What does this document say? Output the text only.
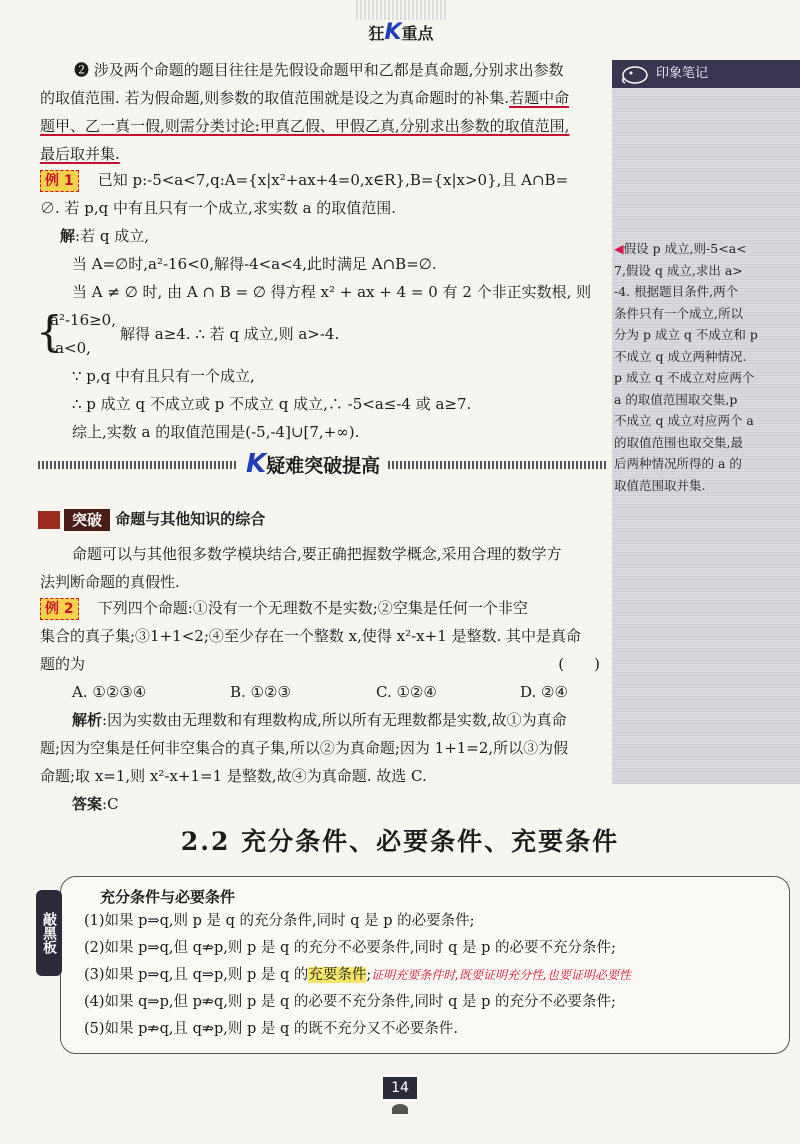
狂K重点
印象笔记
◀假设 p 成立,则-5<a<
7,假设 q 成立,求出 a>
-4. 根据题目条件,两个
条件只有一个成立,所以
分为 p 成立 q 不成立和 p
不成立 q 成立两种情况.
p 成立 q 不成立对应两个
a 的取值范围取交集,p
不成立 q 成立对应两个 a
的取值范围也取交集,最
后两种情况所得的 a 的
取值范围取并集.
❷ 涉及两个命题的题目往往是先假设命题甲和乙都是真命题,分别求出参数
的取值范围. 若为假命题,则参数的取值范围就是设之为真命题时的补集.若题中命
题甲、乙一真一假,则需分类讨论:甲真乙假、甲假乙真,分别求出参数的取值范围,
最后取并集.
例 1 已知 p:-5<a<7,q:A={x|x²+ax+4=0,x∈R},B={x|x>0},且 A∩B=
∅. 若 p,q 中有且只有一个成立,求实数 a 的取值范围.
解:若 q 成立,
当 A=∅时,a²-16<0,解得-4<a<4,此时满足 A∩B=∅.
当 A ≠ ∅ 时, 由 A ∩ B = ∅ 得方程 x² + ax + 4 = 0 有 2 个非正实数根, 则
{
a²-16≥0,
-a<0,
解得 a≥4. ∴ 若 q 成立,则 a>-4.
∵ p,q 中有且只有一个成立,
∴ p 成立 q 不成立或 p 不成立 q 成立,∴ -5<a≤-4 或 a≥7.
综上,实数 a 的取值范围是(-5,-4]∪[7,+∞).
K疑难突破提高
突破 命题与其他知识的综合
命题可以与其他很多数学模块结合,要正确把握数学概念,采用合理的数学方
法判断命题的真假性.
例 2 下列四个命题:①没有一个无理数不是实数;②空集是任何一个非空
集合的真子集;③1+1<2;④至少存在一个整数 x,使得 x²-x+1 是整数. 其中是真命
题的为	(　　)
A. ①②③④	B. ①②③	C. ①②④	D. ②④
解析:因为实数由无理数和有理数构成,所以所有无理数都是实数,故①为真命
题;因为空集是任何非空集合的真子集,所以②为真命题;因为 1+1=2,所以③为假
命题;取 x=1,则 x²-x+1=1 是整数,故④为真命题. 故选 C.
答案:C
2.2 充分条件、必要条件、充要条件
敲黑板
充分条件与必要条件
(1)如果 p⇒q,则 p 是 q 的充分条件,同时 q 是 p 的必要条件;
(2)如果 p⇒q,但 q⇏p,则 p 是 q 的充分不必要条件,同时 q 是 p 的必要不充分条件;
(3)如果 p⇒q,且 q⇒p,则 p 是 q 的充要条件;证明充要条件时,既要证明充分性,也要证明必要性
(4)如果 q⇒p,但 p⇏q,则 p 是 q 的必要不充分条件,同时 q 是 p 的充分不必要条件;
(5)如果 p⇏q,且 q⇏p,则 p 是 q 的既不充分又不必要条件.
14
